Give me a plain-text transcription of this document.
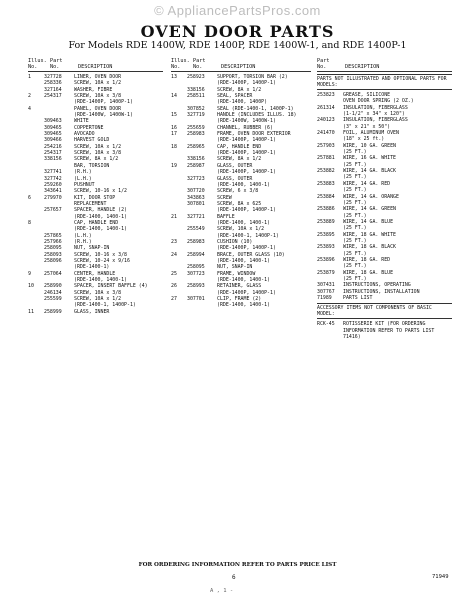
© AppliancePartsPros.com
OVEN DOOR PARTS
For Models RDE 1400W, RDE 1400P, RDE 1400W-1, and RDE 1400P-1
Illus.
No.
Part
No.	DESCRIPTION
1	327728	LINER, OVEN DOOR
258336	SCREW, 10A x 1/2
327164	WASHER, FIBRE
2	254317	SCREW, 10A x 3/8
(RDE-1400P, 1400P-1)
4	PANEL, OVEN DOOR
(RDE-1400W, 1400W-1)
309463	WHITE
309465	COPPERTONE
309465	AVOCADO
309466	HARVEST GOLD
254216	SCREW, 10A x 1/2
254317	SCREW, 10A x 3/8
338156	SCREW, 8A x 1/2
BAR, TORSION
327741	(R.H.)
327742	(L.H.)
259260	PUSHNUT
343641	SCREW, 10-16 x 1/2
6	279970	KIT, DOOR STOP
REPLACEMENT
257657	SPACER, HANDLE (2)
(RDE-1400, 1400-1)
8	CAP, HANDLE END
(RDE-1400, 1400-1)
257865	(L.H.)
257966	(R.H.)
258095	NUT, SNAP-IN
258093	SCREW, 10-16 x 3/8
258096	SCREW, 10-24 x 9/16
(RDE-1400-1)
9	257064	CENTER, HANDLE
(RDE-1400, 1400-1)
10 258990	SPACER, INSERT BAFFLE (4)
246134	SCREW, 10A x 3/8
255599	SCREW, 10A x 1/2
(RDE-1400-1, 1400P-1)
11 258999	GLASS, INNER
Illus.
No.
Part
No.	DESCRIPTION
13 258923	SUPPORT, TORSION BAR (2)
(RDE-1400P, 1400P-1)
338156	SCREW, 8A x 1/2
14 258511	SEAL, SPACER
(RDE-1400, 1400P)
307852	SEAL (RDE-1400-1, 1400P-1)
15 327719	HANDLE (INCLUDES ILLUS. 18)
(RDE-1400W, 1400W-1)
16 255659	CHANNEL, RUBBER (6)
17 258983	FRAME, OVEN DOOR EXTERIOR
(RDE-1400P, 1400P-1)
18 258965	CAP, HANDLE END
(RDE-1400P, 1400P-1)
338156	SCREW, 8A x 1/2
19 258987	GLASS, OUTER
(RDE-1400P, 1400P-1)
327723	GLASS, OUTER
(RDE-1400, 1400-1)
307720	SCREW, 6 x 3/8
343863	SCREW
307801	SCREW, 8A x 625
(RDE-1400P, 1400P-1)
21 327721	BAFFLE
(RDE-1400, 1400-1)
255549	SCREW, 10A x 1/2
(RDE-1400-1, 1400P-1)
23 258983	CUSHION (10)
(RDE-1400P, 1400P-1)
24 258994	BRACE, OUTER GLASS (10)
(RDE-1400, 1400-1)
258095	NUT, SNAP-IN
25 307723	FRAME, WINDOW
(RDE-1400, 1400-1)
26 258993	RETAINER, GLASS
(RDE-1400P, 1400P-1)
27 307701	CLIP, FRAME (2)
(RDE-1400, 1400-1)
Part
No.	DESCRIPTION
PARTS NOT ILLUSTRATED AND OPTIONAL PARTS FOR MODELS:
253823 GREASE, SILICONE
OVEN DOOR SPRING (2 OZ.)
261314 INSULATION, FIBERGLASS
(1-1/2" x 34" x 120")
240123 INSULATION, FIBERGLASS
(3" x 21" x 50")
241470 FOIL, ALUMINUM OVEN
(18" x 25 ft.)
257903 WIRE, 10 GA. GREEN
(25 FT.)
257881 WIRE, 16 GA. WHITE
(25 FT.)
253882 WIRE, 14 GA. BLACK
(25 FT.)
253883 WIRE, 14 GA. RED
(25 FT.)
253884 WIRE, 14 GA. ORANGE
(25 FT.)
253886 WIRE, 14 GA. GREEN
(25 FT.)
253889 WIRE, 14 GA. BLUE
(25 FT.)
253895 WIRE, 18 GA. WHITE
(25 FT.)
253893 WIRE, 18 GA. BLACK
(25 FT.)
253896 WIRE, 18 GA. RED
(25 FT.)
253879 WIRE, 18 GA. BLUE
(25 FT.)
307431 INSTRUCTIONS, OPERATING
307767 INSTRUCTIONS, INSTALLATION
71989 PARTS LIST
ACCESSORY ITEMS NOT COMPONENTS OF BASIC MODEL:
RCK-45 ROTISSERIE KIT (FOR ORDERING INFORMATION REFER TO PARTS LIST 71416)
FOR ORDERING INFORMATION REFER TO PARTS PRICE LIST
6	71949
A , 1 -
